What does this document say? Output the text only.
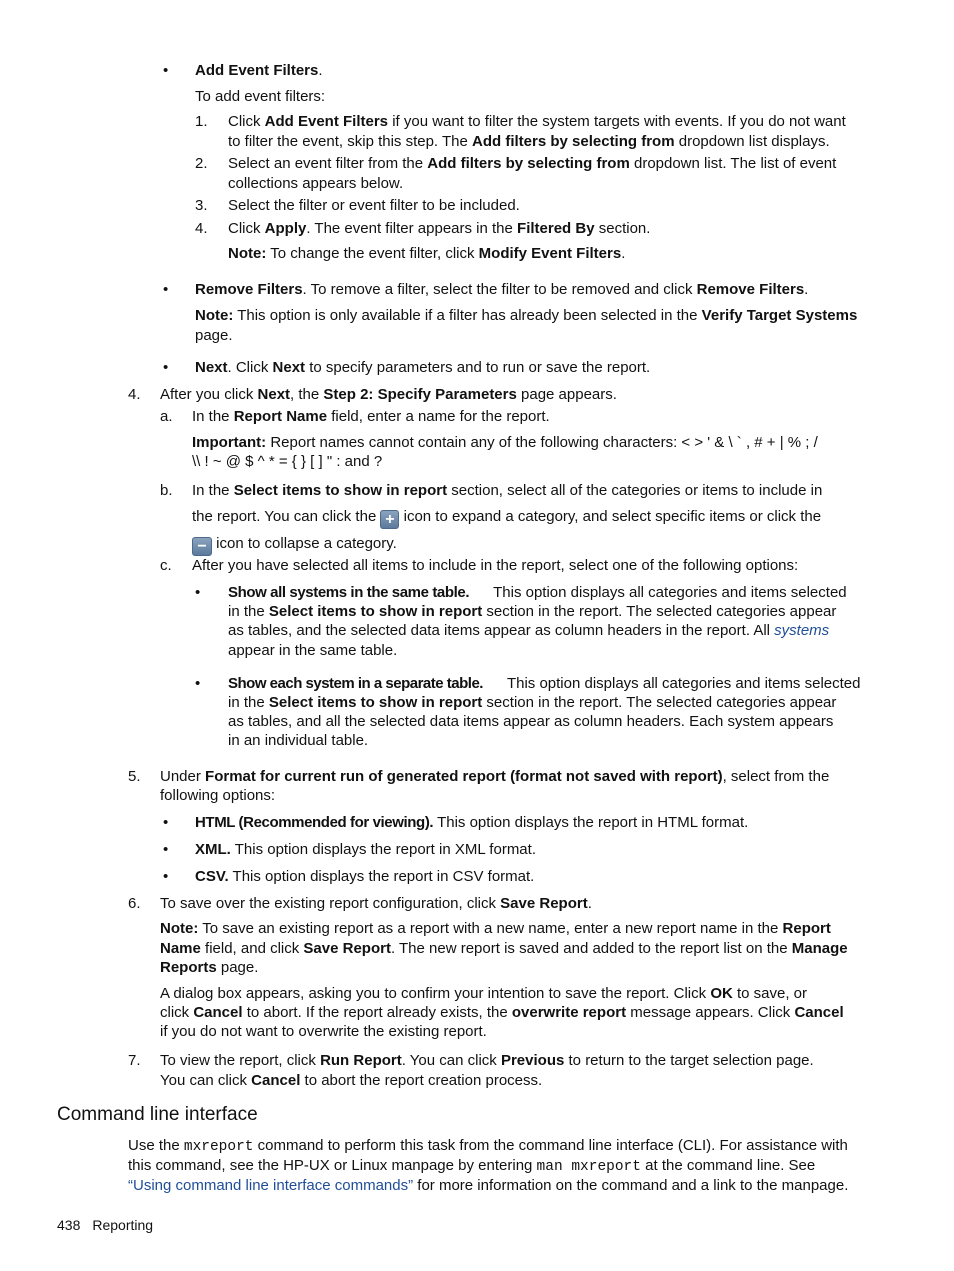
• Add Event Filters.
To add event filters:
1. Click Add Event Filters if you want to filter the system targets with events. If you do not want
to filter the event, skip this step. The Add filters by selecting from dropdown list displays.
2. Select an event filter from the Add filters by selecting from dropdown list. The list of event
collections appears below.
3. Select the filter or event filter to be included.
4. Click Apply. The event filter appears in the Filtered By section.
Note: To change the event filter, click Modify Event Filters.
• Remove Filters. To remove a filter, select the filter to be removed and click Remove Filters.
Note: This option is only available if a filter has already been selected in the Verify Target Systems
page.
• Next. Click Next to specify parameters and to run or save the report.
4. After you click Next, the Step 2: Specify Parameters page appears.
a. In the Report Name field, enter a name for the report.
Important: Report names cannot contain any of the following characters: < > ' & \ ` , # + | % ; /
\\ ! ~ @ $ ^ * = { } [ ] " : and ?
b. In the Select items to show in report section, select all of the categories or items to include in
the report. You can click the + icon to expand a category, and select specific items or click the
− icon to collapse a category.
c. After you have selected all items to include in the report, select one of the following options:
• Show all systems in the same table. This option displays all categories and items selected
in the Select items to show in report section in the report. The selected categories appear
as tables, and the selected data items appear as column headers in the report. All systems
appear in the same table.
• Show each system in a separate table. This option displays all categories and items selected
in the Select items to show in report section in the report. The selected categories appear
as tables, and all the selected data items appear as column headers. Each system appears
in an individual table.
5. Under Format for current run of generated report (format not saved with report), select from the
following options:
• HTML (Recommended for viewing). This option displays the report in HTML format.
• XML. This option displays the report in XML format.
• CSV. This option displays the report in CSV format.
6. To save over the existing report configuration, click Save Report.
Note: To save an existing report as a report with a new name, enter a new report name in the Report
Name field, and click Save Report. The new report is saved and added to the report list on the Manage
Reports page.
A dialog box appears, asking you to confirm your intention to save the report. Click OK to save, or
click Cancel to abort. If the report already exists, the overwrite report message appears. Click Cancel
if you do not want to overwrite the existing report.
7. To view the report, click Run Report. You can click Previous to return to the target selection page.
You can click Cancel to abort the report creation process.
Command line interface
Use the mxreport command to perform this task from the command line interface (CLI). For assistance with
this command, see the HP-UX or Linux manpage by entering man mxreport at the command line. See
“Using command line interface commands” for more information on the command and a link to the manpage.
438 Reporting
